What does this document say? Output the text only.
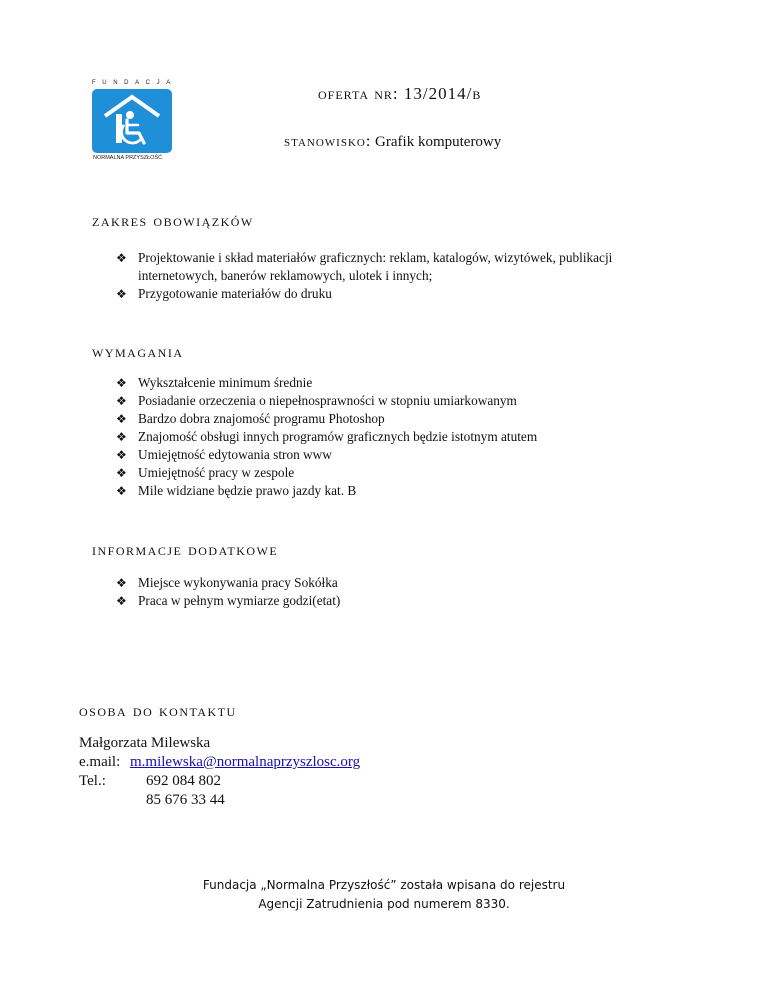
FUNDACJA
NORMALNA PRZYSZŁOŚĆ
oferta nr: 13/2014/b
stanowisko: Grafik komputerowy
zakres obowiązków
❖ Projektowanie i skład materiałów graficznych: reklam, katalogów, wizytówek, publikacji
internetowych, banerów reklamowych, ulotek i innych;
❖ Przygotowanie materiałów do druku
wymagania
❖ Wykształcenie minimum średnie
❖ Posiadanie orzeczenia o niepełnosprawności w stopniu umiarkowanym
❖ Bardzo dobra znajomość programu Photoshop
❖ Znajomość obsługi innych programów graficznych będzie istotnym atutem
❖ Umiejętność edytowania stron www
❖ Umiejętność pracy w zespole
❖ Mile widziane będzie prawo jazdy kat. B
informacje dodatkowe
❖ Miejsce wykonywania pracy Sokółka
❖ Praca w pełnym wymiarze godzi(etat)
osoba do kontaktu
Małgorzata Milewska
e.mail: m.milewska@normalnaprzyszlosc.org
Tel.:	692 084 802
85 676 33 44
Fundacja „Normalna Przyszłość” została wpisana do rejestru
Agencji Zatrudnienia pod numerem 8330.
